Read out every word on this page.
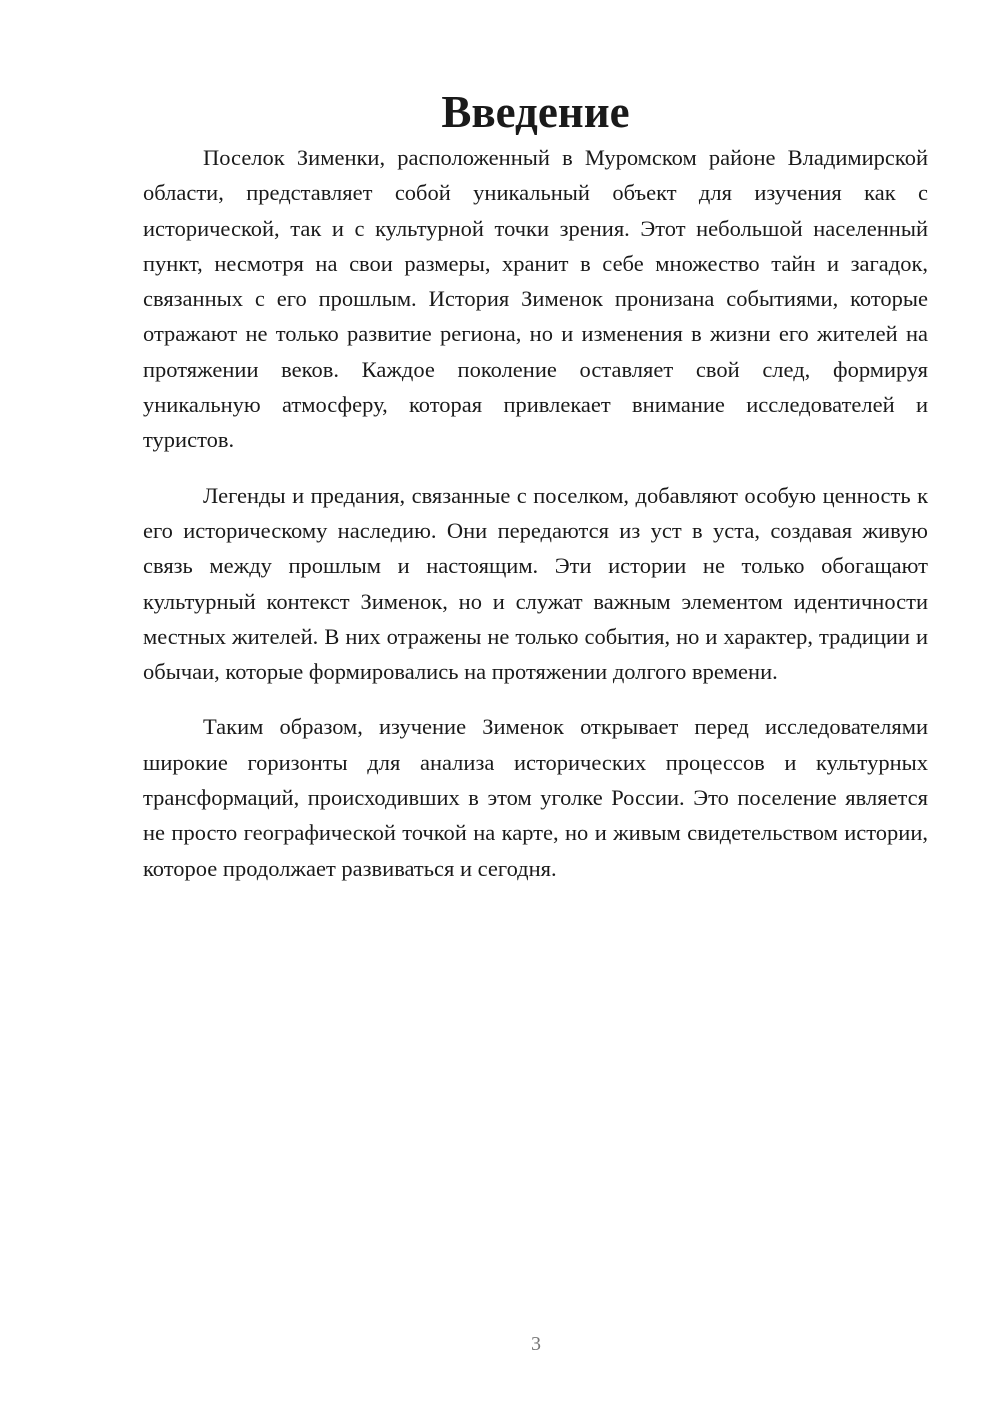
Введение

Поселок Зименки, расположенный в Муромском районе Владимирской области, представляет собой уникальный объект для изучения как с исторической, так и с культурной точки зрения. Этот небольшой населенный пункт, несмотря на свои размеры, хранит в себе множество тайн и загадок, связанных с его прошлым. История Зименок пронизана событиями, которые отражают не только развитие региона, но и изменения в жизни его жителей на протяжении веков. Каждое поколение оставляет свой след, формируя уникальную атмосферу, которая привлекает внимание исследователей и туристов.

Легенды и предания, связанные с поселком, добавляют особую ценность к его историческому наследию. Они передаются из уст в уста, создавая живую связь между прошлым и настоящим. Эти истории не только обогащают культурный контекст Зименок, но и служат важным элементом идентичности местных жителей. В них отражены не только события, но и характер, традиции и обычаи, которые формировались на протяжении долгого времени.

Таким образом, изучение Зименок открывает перед исследователями широкие горизонты для анализа исторических процессов и культурных трансформаций, происходивших в этом уголке России. Это поселение является не просто географической точкой на карте, но и живым свидетельством истории, которое продолжает развиваться и сегодня.

3
